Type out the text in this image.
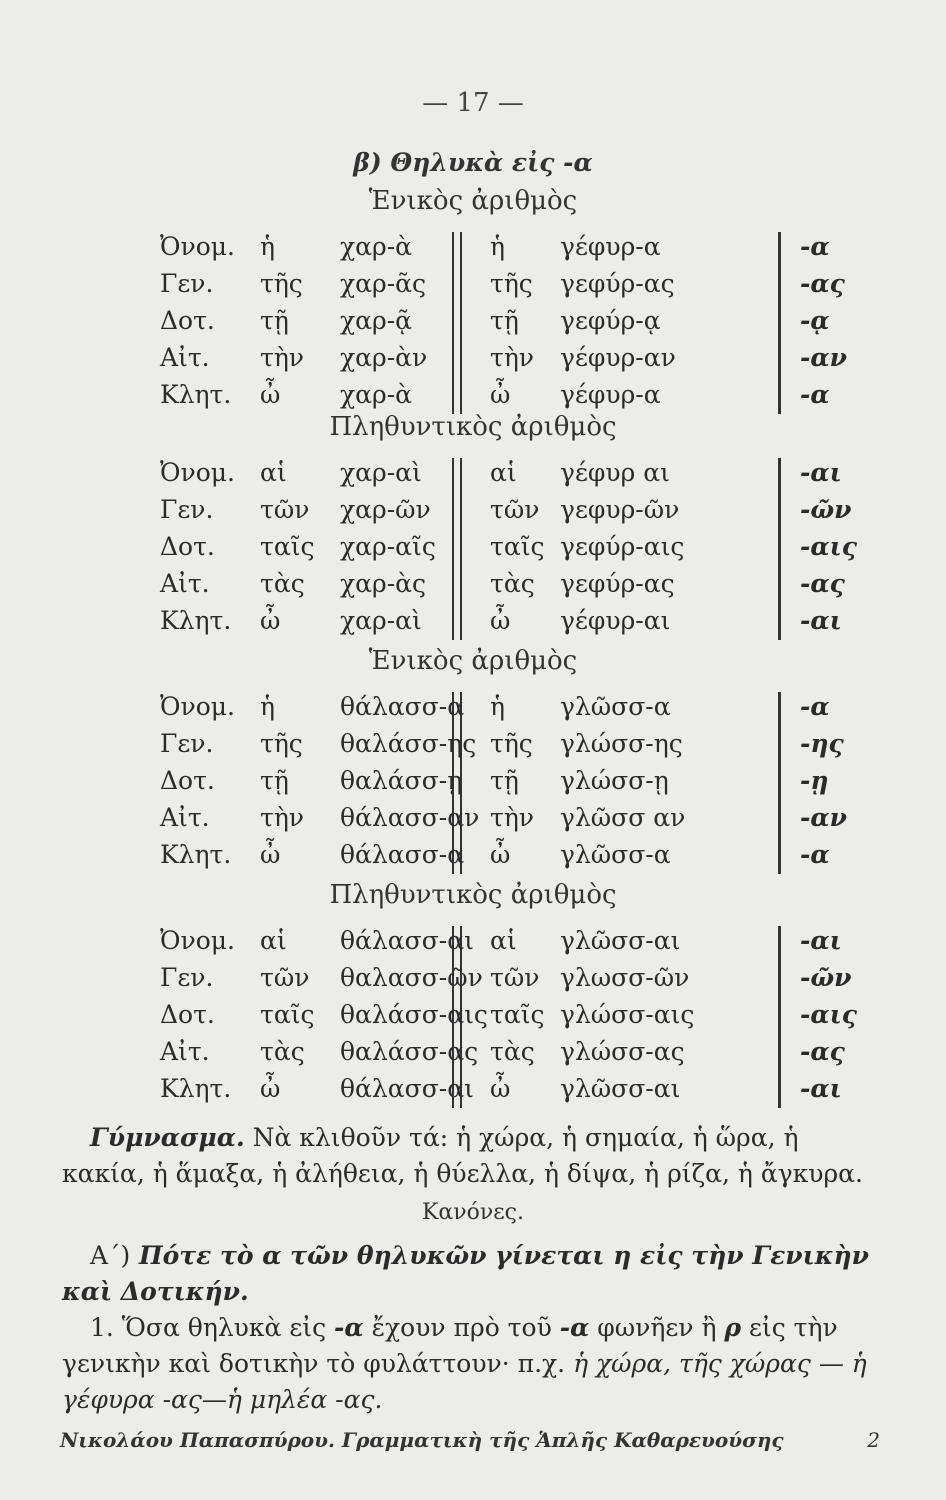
— 17 —
β) Θηλυκὰ εἰς -α
Ἑνικὸς ἀριθμὸς
Ὀνομ. ἡ	χαρ-ὰ	ἡ γέφυρ-α	-α
Γεν. τῆς χαρ-ᾶς	τῆς γεφύρ-ας	-ας
Δοτ. τῇ χαρ-ᾷ	τῇ γεφύρ-ᾳ	-ᾳ
Αἰτ. τὴν χαρ-ὰν	τὴν γέφυρ-αν	-αν
Κλητ. ὦ χαρ-ὰ	ὦ γέφυρ-α	-α
Πληθυντικὸς ἀριθμὸς
Ὀνομ. αἱ χαρ-αὶ	αἱ γέφυρ αι	-αι
Γεν. τῶν χαρ-ῶν τῶν γεφυρ-ῶν	-ῶν
Δοτ. ταῖς χαρ-αῖς ταῖς γεφύρ-αις	-αις
Αἰτ. τὰς χαρ-ὰς	τὰς γεφύρ-ας	-ας
Κλητ. ὦ χαρ-αὶ	ὦ γέφυρ-αι	-αι
Ἑνικὸς ἀριθμὸς
Ὀνομ. ἡ	θάλασσ-α ἡ γλῶσσ-α	-α
Γεν. τῆς θαλάσσ-ης τῆς γλώσσ-ης	-ης
Δοτ. τῇ θαλάσσ-ῃ τῇ γλώσσ-ῃ	-ῃ
Αἰτ. τὴν θάλασσ-αν τὴν γλῶσσ αν	-αν
Κλητ. ὦ θάλασσ-α ὦ γλῶσσ-α	-α
Πληθυντικὸς ἀριθμὸς
Ὀνομ. αἱ θάλασσ-αι αἱ γλῶσσ-αι	-αι
Γεν. τῶν θαλασσ-ῶν τῶν γλωσσ-ῶν	-ῶν
Δοτ. ταῖς θαλάσσ-αις ταῖς γλώσσ-αις	-αις
Αἰτ. τὰς θαλάσσ-ας τὰς γλώσσ-ας	-ας
Κλητ. ὦ θάλασσ-αι ὦ γλῶσσ-αι	-αι
Γύμνασμα. Νὰ κλιθοῦν τά: ἡ χώρα, ἡ σημαία, ἡ ὥρα, ἡ κακία, ἡ ἅμαξα, ἡ ἀλήθεια, ἡ θύελλα, ἡ δίψα, ἡ ρίζα, ἡ ἄγκυρα.
Κανόνες.
Α΄) Πότε τὸ α τῶν θηλυκῶν γίνεται η εἰς τὴν Γενικὴν καὶ Δοτικήν.
1. Ὅσα θηλυκὰ εἰς -α ἔχουν πρὸ τοῦ -α φωνῆεν ἢ ρ εἰς τὴν γενικὴν καὶ δοτικὴν τὸ φυλάττουν· π.χ. ἡ χώρα, τῆς χώρας — ἡ γέφυρα -ας—ἡ μηλέα -ας.
Νικολάου Παπασπύρου. Γραμματικὴ τῆς Ἁπλῆς Καθαρευούσης	2
